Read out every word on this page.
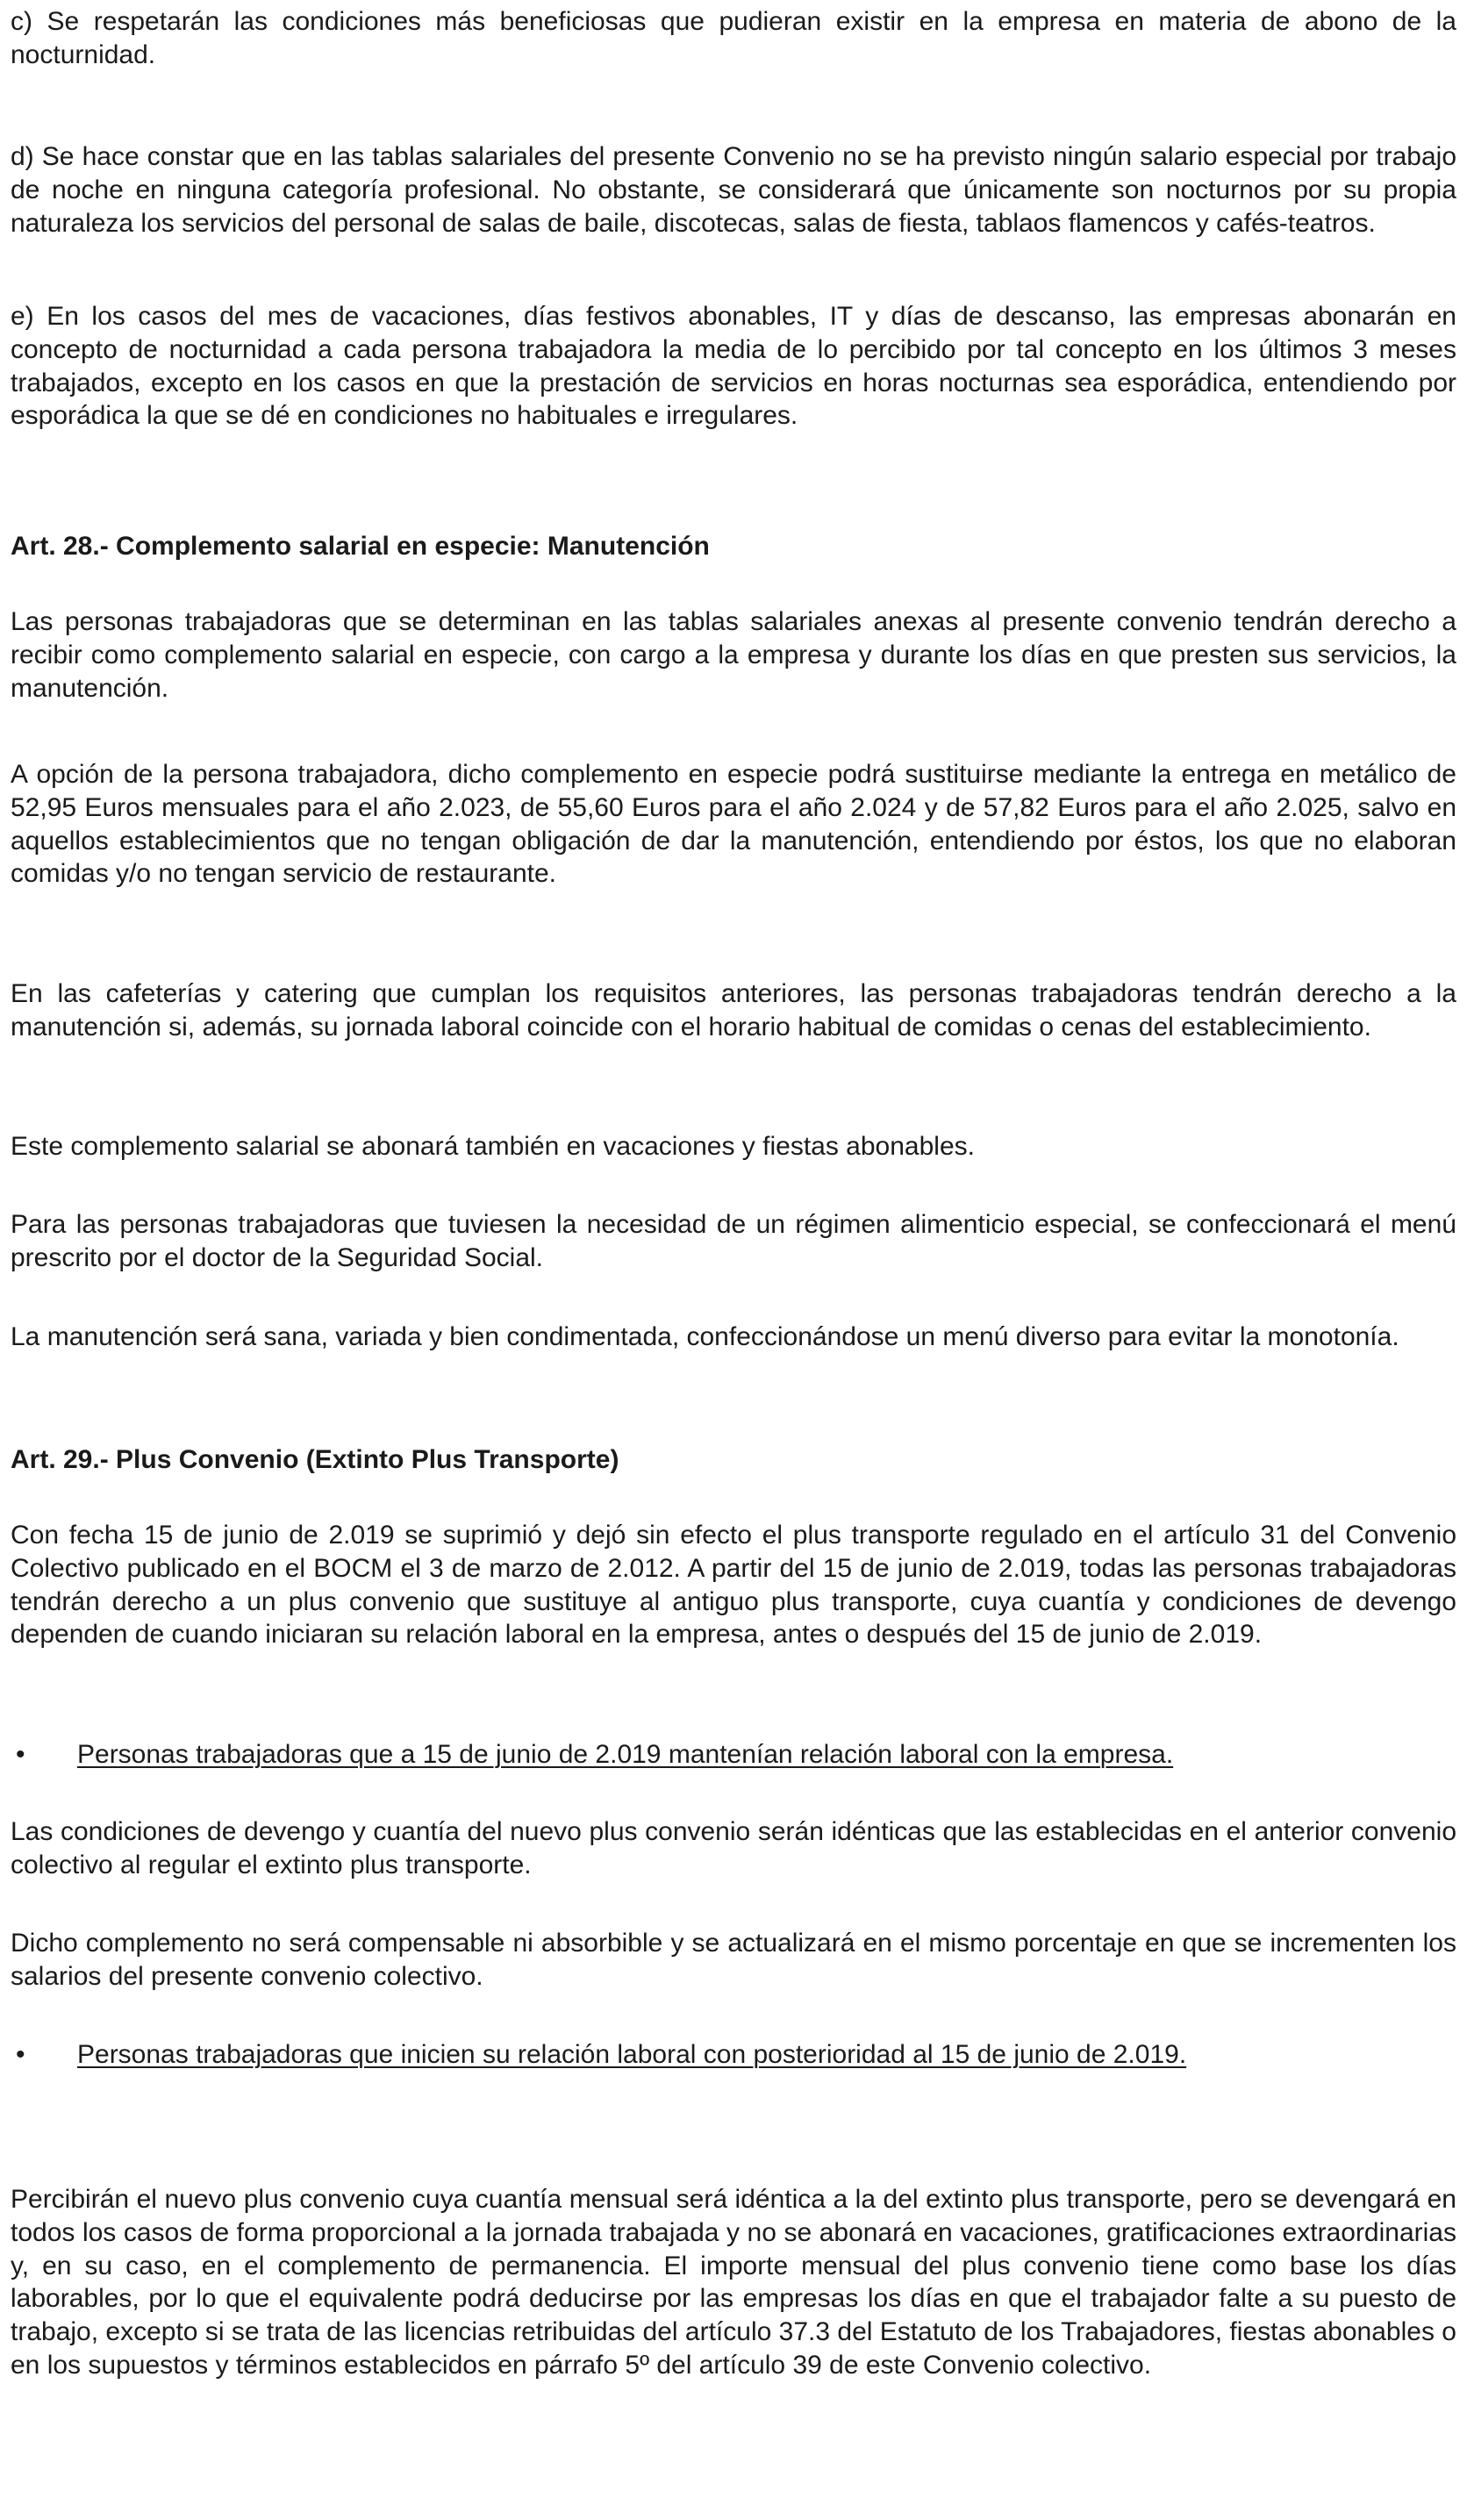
c) Se respetarán las condiciones más beneficiosas que pudieran existir en la empresa en materia de abono de la nocturnidad.

d) Se hace constar que en las tablas salariales del presente Convenio no se ha previsto ningún salario especial por trabajo de noche en ninguna categoría profesional. No obstante, se considerará que únicamente son nocturnos por su propia naturaleza los servicios del personal de salas de baile, discotecas, salas de fiesta, tablaos flamencos y cafés-teatros.

e) En los casos del mes de vacaciones, días festivos abonables, IT y días de descanso, las empresas abonarán en concepto de nocturnidad a cada persona trabajadora la media de lo percibido por tal concepto en los últimos 3 meses trabajados, excepto en los casos en que la prestación de servicios en horas nocturnas sea esporádica, entendiendo por esporádica la que se dé en condiciones no habituales e irregulares.

Art. 28.- Complemento salarial en especie: Manutención

Las personas trabajadoras que se determinan en las tablas salariales anexas al presente convenio tendrán derecho a recibir como complemento salarial en especie, con cargo a la empresa y durante los días en que presten sus servicios, la manutención.

A opción de la persona trabajadora, dicho complemento en especie podrá sustituirse mediante la entrega en metálico de 52,95 Euros mensuales para el año 2.023, de 55,60 Euros para el año 2.024 y de 57,82 Euros para el año 2.025, salvo en aquellos establecimientos que no tengan obligación de dar la manutención, entendiendo por éstos, los que no elaboran comidas y/o no tengan servicio de restaurante.

En las cafeterías y catering que cumplan los requisitos anteriores, las personas trabajadoras tendrán derecho a la manutención si, además, su jornada laboral coincide con el horario habitual de comidas o cenas del establecimiento.

Este complemento salarial se abonará también en vacaciones y fiestas abonables.

Para las personas trabajadoras que tuviesen la necesidad de un régimen alimenticio especial, se confeccionará el menú prescrito por el doctor de la Seguridad Social.

La manutención será sana, variada y bien condimentada, confeccionándose un menú diverso para evitar la monotonía.

Art. 29.- Plus Convenio (Extinto Plus Transporte)

Con fecha 15 de junio de 2.019 se suprimió y dejó sin efecto el plus transporte regulado en el artículo 31 del Convenio Colectivo publicado en el BOCM el 3 de marzo de 2.012. A partir del 15 de junio de 2.019, todas las personas trabajadoras tendrán derecho a un plus convenio que sustituye al antiguo plus transporte, cuya cuantía y condiciones de devengo dependen de cuando iniciaran su relación laboral en la empresa, antes o después del 15 de junio de 2.019.

• Personas trabajadoras que a 15 de junio de 2.019 mantenían relación laboral con la empresa.

Las condiciones de devengo y cuantía del nuevo plus convenio serán idénticas que las establecidas en el anterior convenio colectivo al regular el extinto plus transporte.

Dicho complemento no será compensable ni absorbible y se actualizará en el mismo porcentaje en que se incrementen los salarios del presente convenio colectivo.

• Personas trabajadoras que inicien su relación laboral con posterioridad al 15 de junio de 2.019.

Percibirán el nuevo plus convenio cuya cuantía mensual será idéntica a la del extinto plus transporte, pero se devengará en todos los casos de forma proporcional a la jornada trabajada y no se abonará en vacaciones, gratificaciones extraordinarias y, en su caso, en el complemento de permanencia. El importe mensual del plus convenio tiene como base los días laborables, por lo que el equivalente podrá deducirse por las empresas los días en que el trabajador falte a su puesto de trabajo, excepto si se trata de las licencias retribuidas del artículo 37.3 del Estatuto de los Trabajadores, fiestas abonables o en los supuestos y términos establecidos en párrafo 5º del artículo 39 de este Convenio colectivo.
